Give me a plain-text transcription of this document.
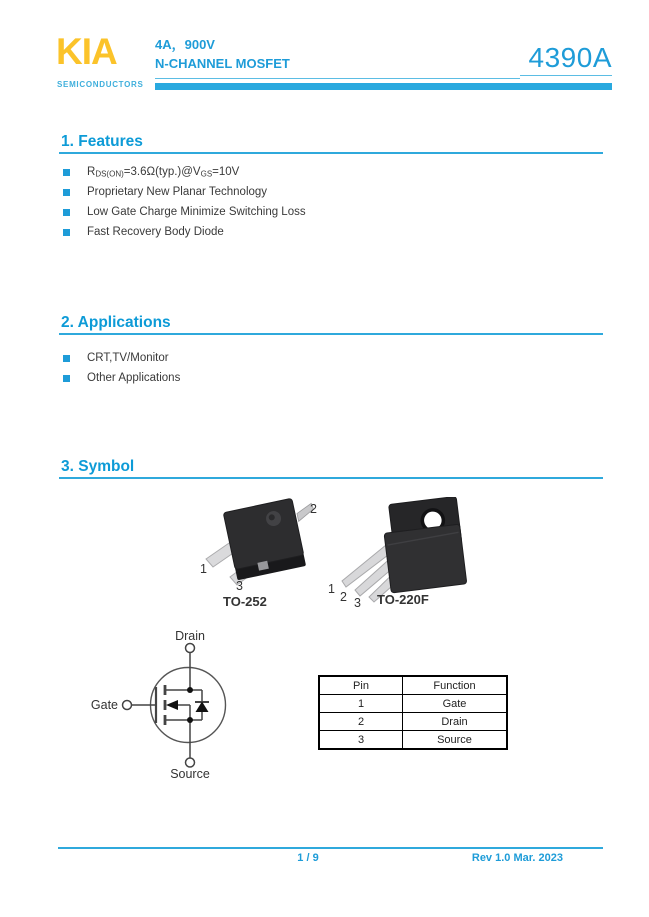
KIA
SEMICONDUCTORS
4A，900V
N-CHANNEL MOSFET	4390A
1. Features
$R_{DS(ON)}=3.6\Omega(typ.)@V_{GS}=10V$
Proprietary New Planar Technology
Low Gate Charge Minimize Switching Loss
Fast Recovery Body Diode
2. Applications
CRT,TV/Monitor
Other Applications
3. Symbol
1
2
3
TO-252
1
2 3 TO-220F
Drain
Gate
Source
Pin	Function
1	Gate
2	Drain
3	Source
1 / 9	Rev 1.0 Mar. 2023
